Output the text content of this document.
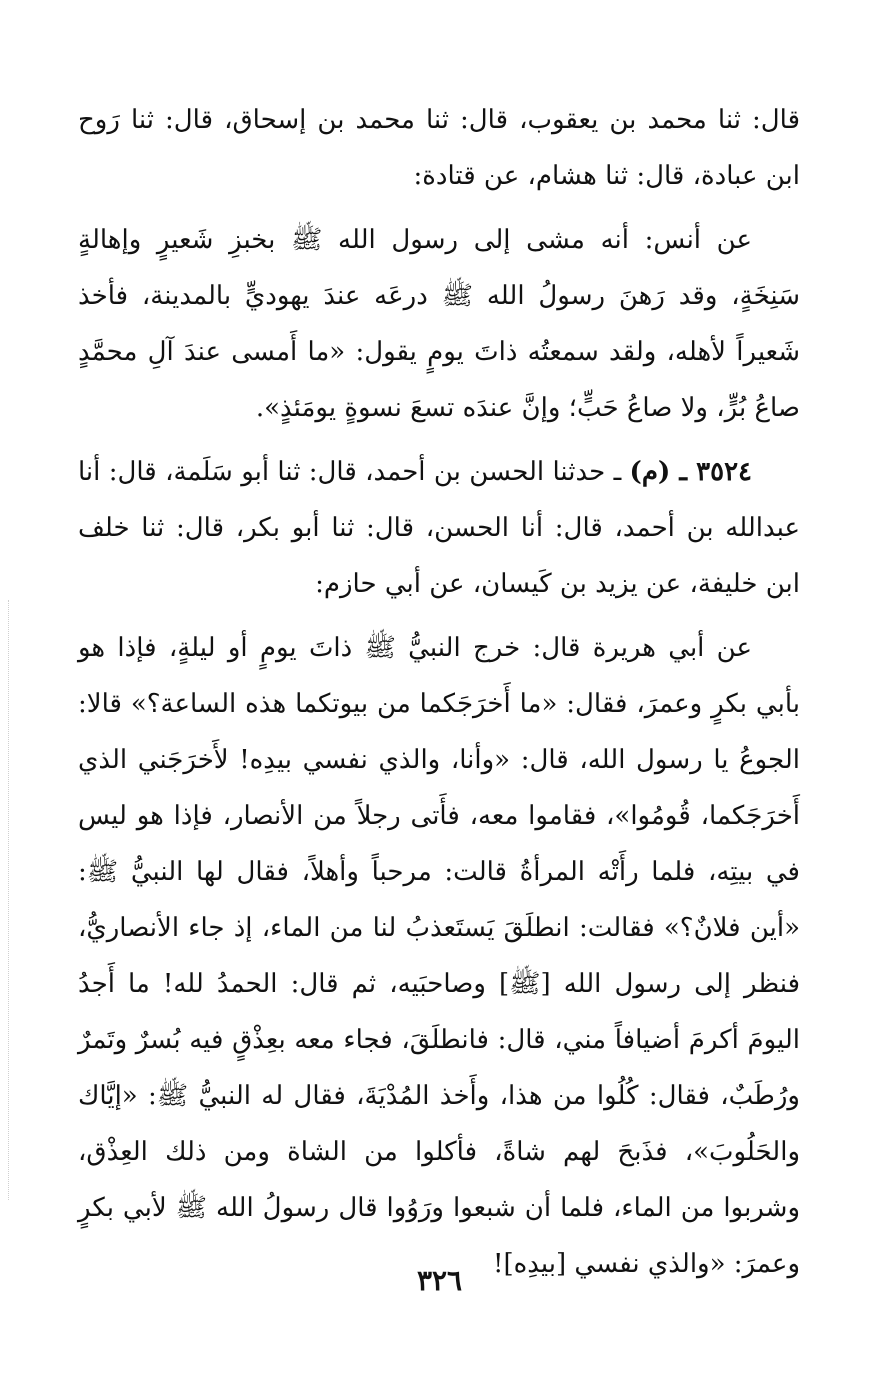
قال: ثنا محمد بن يعقوب، قال: ثنا محمد بن إسحاق، قال: ثنا رَوح ابن عبادة، قال: ثنا هشام، عن قتادة:

عن أنس: أنه مشى إلى رسول الله ﷺ بخبزِ شَعيرٍ وإهالةٍ سَنِخَةٍ، وقد رَهنَ رسولُ الله ﷺ درعَه عندَ يهوديٍّ بالمدينة، فأخذ شَعيراً لأهله، ولقد سمعتُه ذاتَ يومٍ يقول: «ما أَمسى عندَ آلِ محمَّدٍ صاعُ بُرٍّ، ولا صاعُ حَبٍّ؛ وإنَّ عندَه تسعَ نسوةٍ يومَئذٍ».

٣٥٢٤ ـ (م) ـ حدثنا الحسن بن أحمد، قال: ثنا أبو سَلَمة، قال: أنا عبدالله بن أحمد، قال: أنا الحسن، قال: ثنا أبو بكر، قال: ثنا خلف ابن خليفة، عن يزيد بن كَيسان، عن أبي حازم:

عن أبي هريرة قال: خرج النبيُّ ﷺ ذاتَ يومٍ أو ليلةٍ، فإذا هو بأبي بكرٍ وعمرَ، فقال: «ما أَخرَجَكما من بيوتكما هذه الساعة؟» قالا: الجوعُ يا رسول الله، قال: «وأنا، والذي نفسي بيدِه! لأَخرَجَني الذي أَخرَجَكما، قُومُوا»، فقاموا معه، فأَتى رجلاً من الأنصار، فإذا هو ليس في بيتِه، فلما رأَتْه المرأةُ قالت: مرحباً وأهلاً، فقال لها النبيُّ ﷺ: «أين فلانٌ؟» فقالت: انطلَقَ يَستَعذبُ لنا من الماء، إذ جاء الأنصاريُّ، فنظر إلى رسول الله [ﷺ] وصاحبَيه، ثم قال: الحمدُ لله! ما أَجدُ اليومَ أكرمَ أضيافاً مني، قال: فانطلَقَ، فجاء معه بعِذْقٍ فيه بُسرٌ وتَمرٌ ورُطَبٌ، فقال: كُلُوا من هذا، وأَخذ المُدْيَةَ، فقال له النبيُّ ﷺ: «إيَّاك والحَلُوبَ»، فذَبحَ لهم شاةً، فأكلوا من الشاة ومن ذلك العِذْق، وشربوا من الماء، فلما أن شبعوا ورَوُوا قال رسولُ الله ﷺ لأبي بكرٍ وعمرَ: «والذي نفسي [بيدِه]!

٣٢٦
